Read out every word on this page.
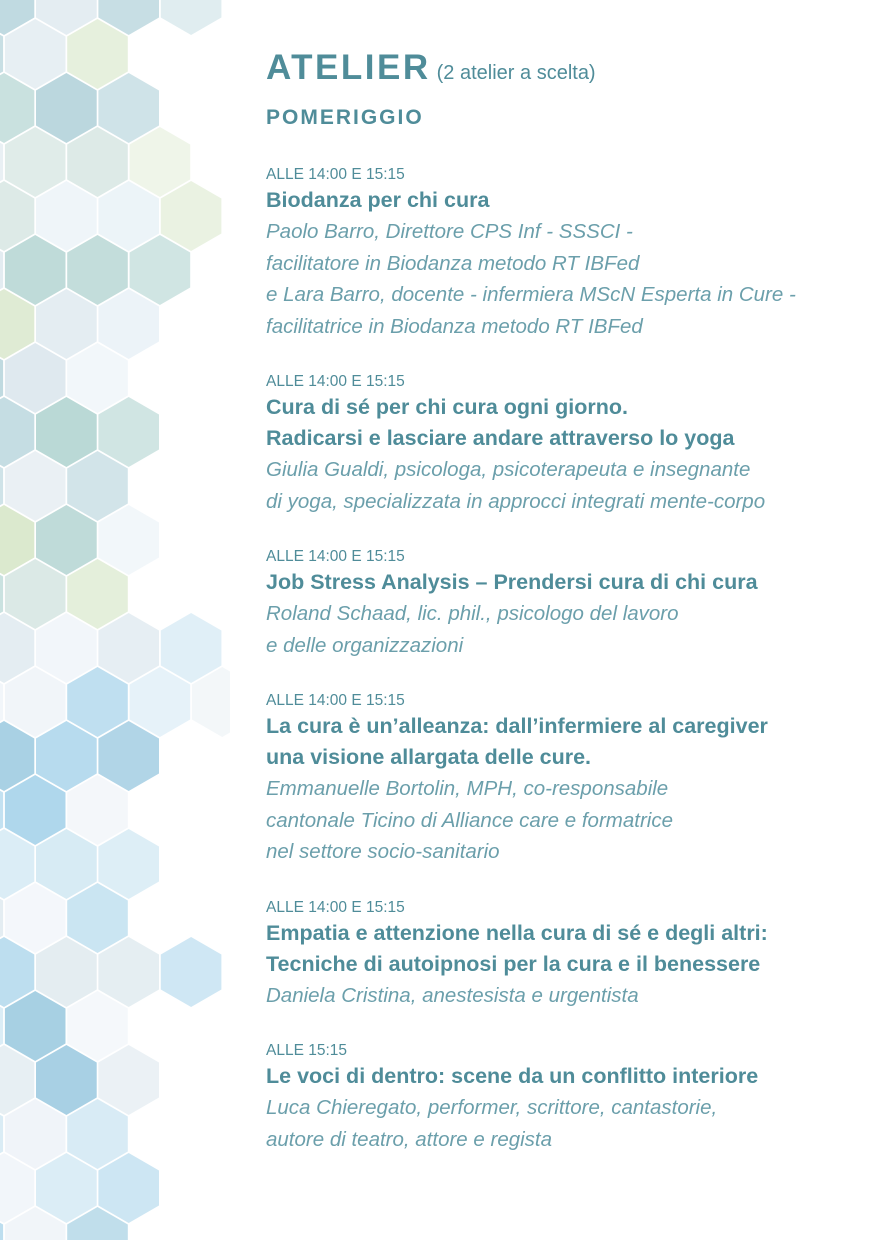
ATELIER (2 atelier a scelta)
POMERIGGIO
ALLE 14:00 E 15:15
Biodanza per chi cura
Paolo Barro, Direttore CPS Inf - SSSCI -
facilitatore in Biodanza metodo RT IBFed
e Lara Barro, docente - infermiera MScN Esperta in Cure -
facilitatrice in Biodanza metodo RT IBFed
ALLE 14:00 E 15:15
Cura di sé per chi cura ogni giorno.
Radicarsi e lasciare andare attraverso lo yoga
Giulia Gualdi, psicologa, psicoterapeuta e insegnante
di yoga, specializzata in approcci integrati mente-corpo
ALLE 14:00 E 15:15
Job Stress Analysis – Prendersi cura di chi cura
Roland Schaad, lic. phil., psicologo del lavoro
e delle organizzazioni
ALLE 14:00 E 15:15
La cura è un’alleanza: dall’infermiere al caregiver
una visione allargata delle cure.
Emmanuelle Bortolin, MPH, co-responsabile
cantonale Ticino di Alliance care e formatrice
nel settore socio-sanitario
ALLE 14:00 E 15:15
Empatia e attenzione nella cura di sé e degli altri:
Tecniche di autoipnosi per la cura e il benessere
Daniela Cristina, anestesista e urgentista
ALLE 15:15
Le voci di dentro: scene da un conflitto interiore
Luca Chieregato, performer, scrittore, cantastorie,
autore di teatro, attore e regista
